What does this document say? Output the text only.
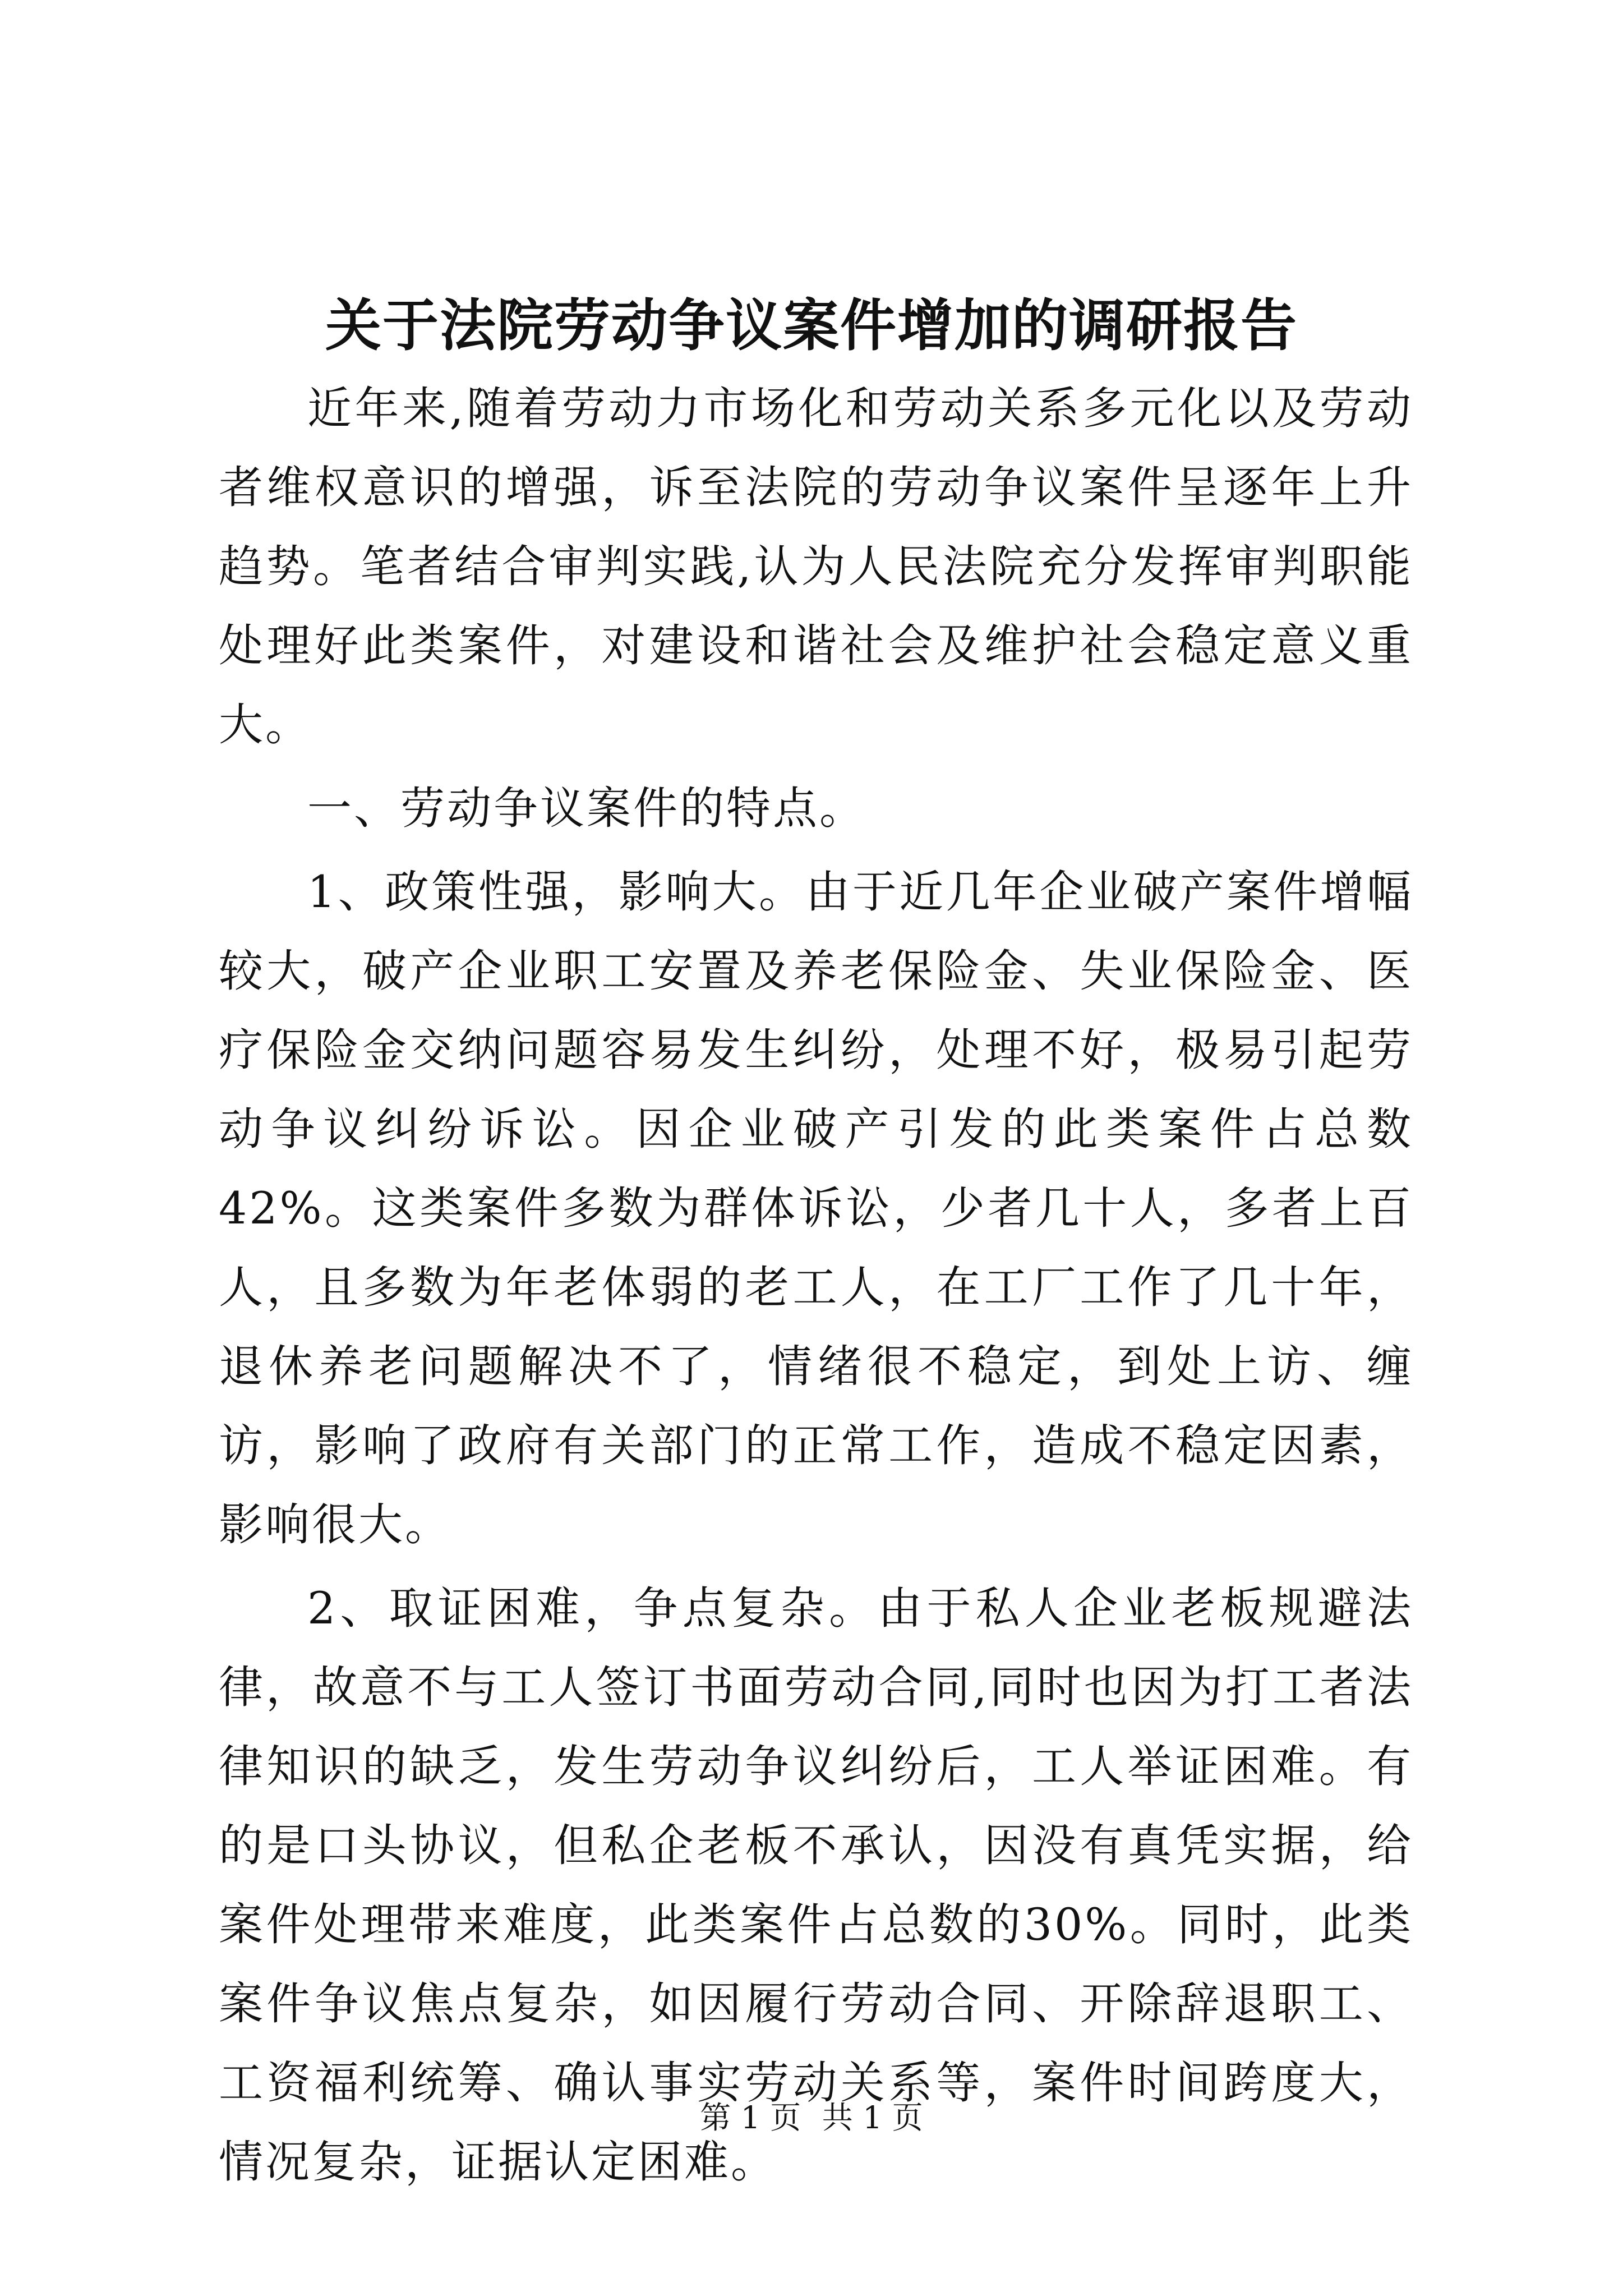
关于法院劳动争议案件增加的调研报告

近年来,随着劳动力市场化和劳动关系多元化以及劳动者维权意识的增强，诉至法院的劳动争议案件呈逐年上升趋势。笔者结合审判实践,认为人民法院充分发挥审判职能处理好此类案件，对建设和谐社会及维护社会稳定意义重大。

一、劳动争议案件的特点。

1、政策性强，影响大。由于近几年企业破产案件增幅较大，破产企业职工安置及养老保险金、失业保险金、医疗保险金交纳问题容易发生纠纷，处理不好，极易引起劳动争议纠纷诉讼。因企业破产引发的此类案件占总数42%。这类案件多数为群体诉讼，少者几十人，多者上百人，且多数为年老体弱的老工人，在工厂工作了几十年，退休养老问题解决不了，情绪很不稳定，到处上访、缠访，影响了政府有关部门的正常工作，造成不稳定因素，影响很大。

2、取证困难，争点复杂。由于私人企业老板规避法律，故意不与工人签订书面劳动合同,同时也因为打工者法律知识的缺乏，发生劳动争议纠纷后，工人举证困难。有的是口头协议，但私企老板不承认，因没有真凭实据，给案件处理带来难度，此类案件占总数的30%。同时，此类案件争议焦点复杂，如因履行劳动合同、开除辞退职工、工资福利统筹、确认事实劳动关系等，案件时间跨度大，情况复杂，证据认定困难。

第 1 页 共 1 页
